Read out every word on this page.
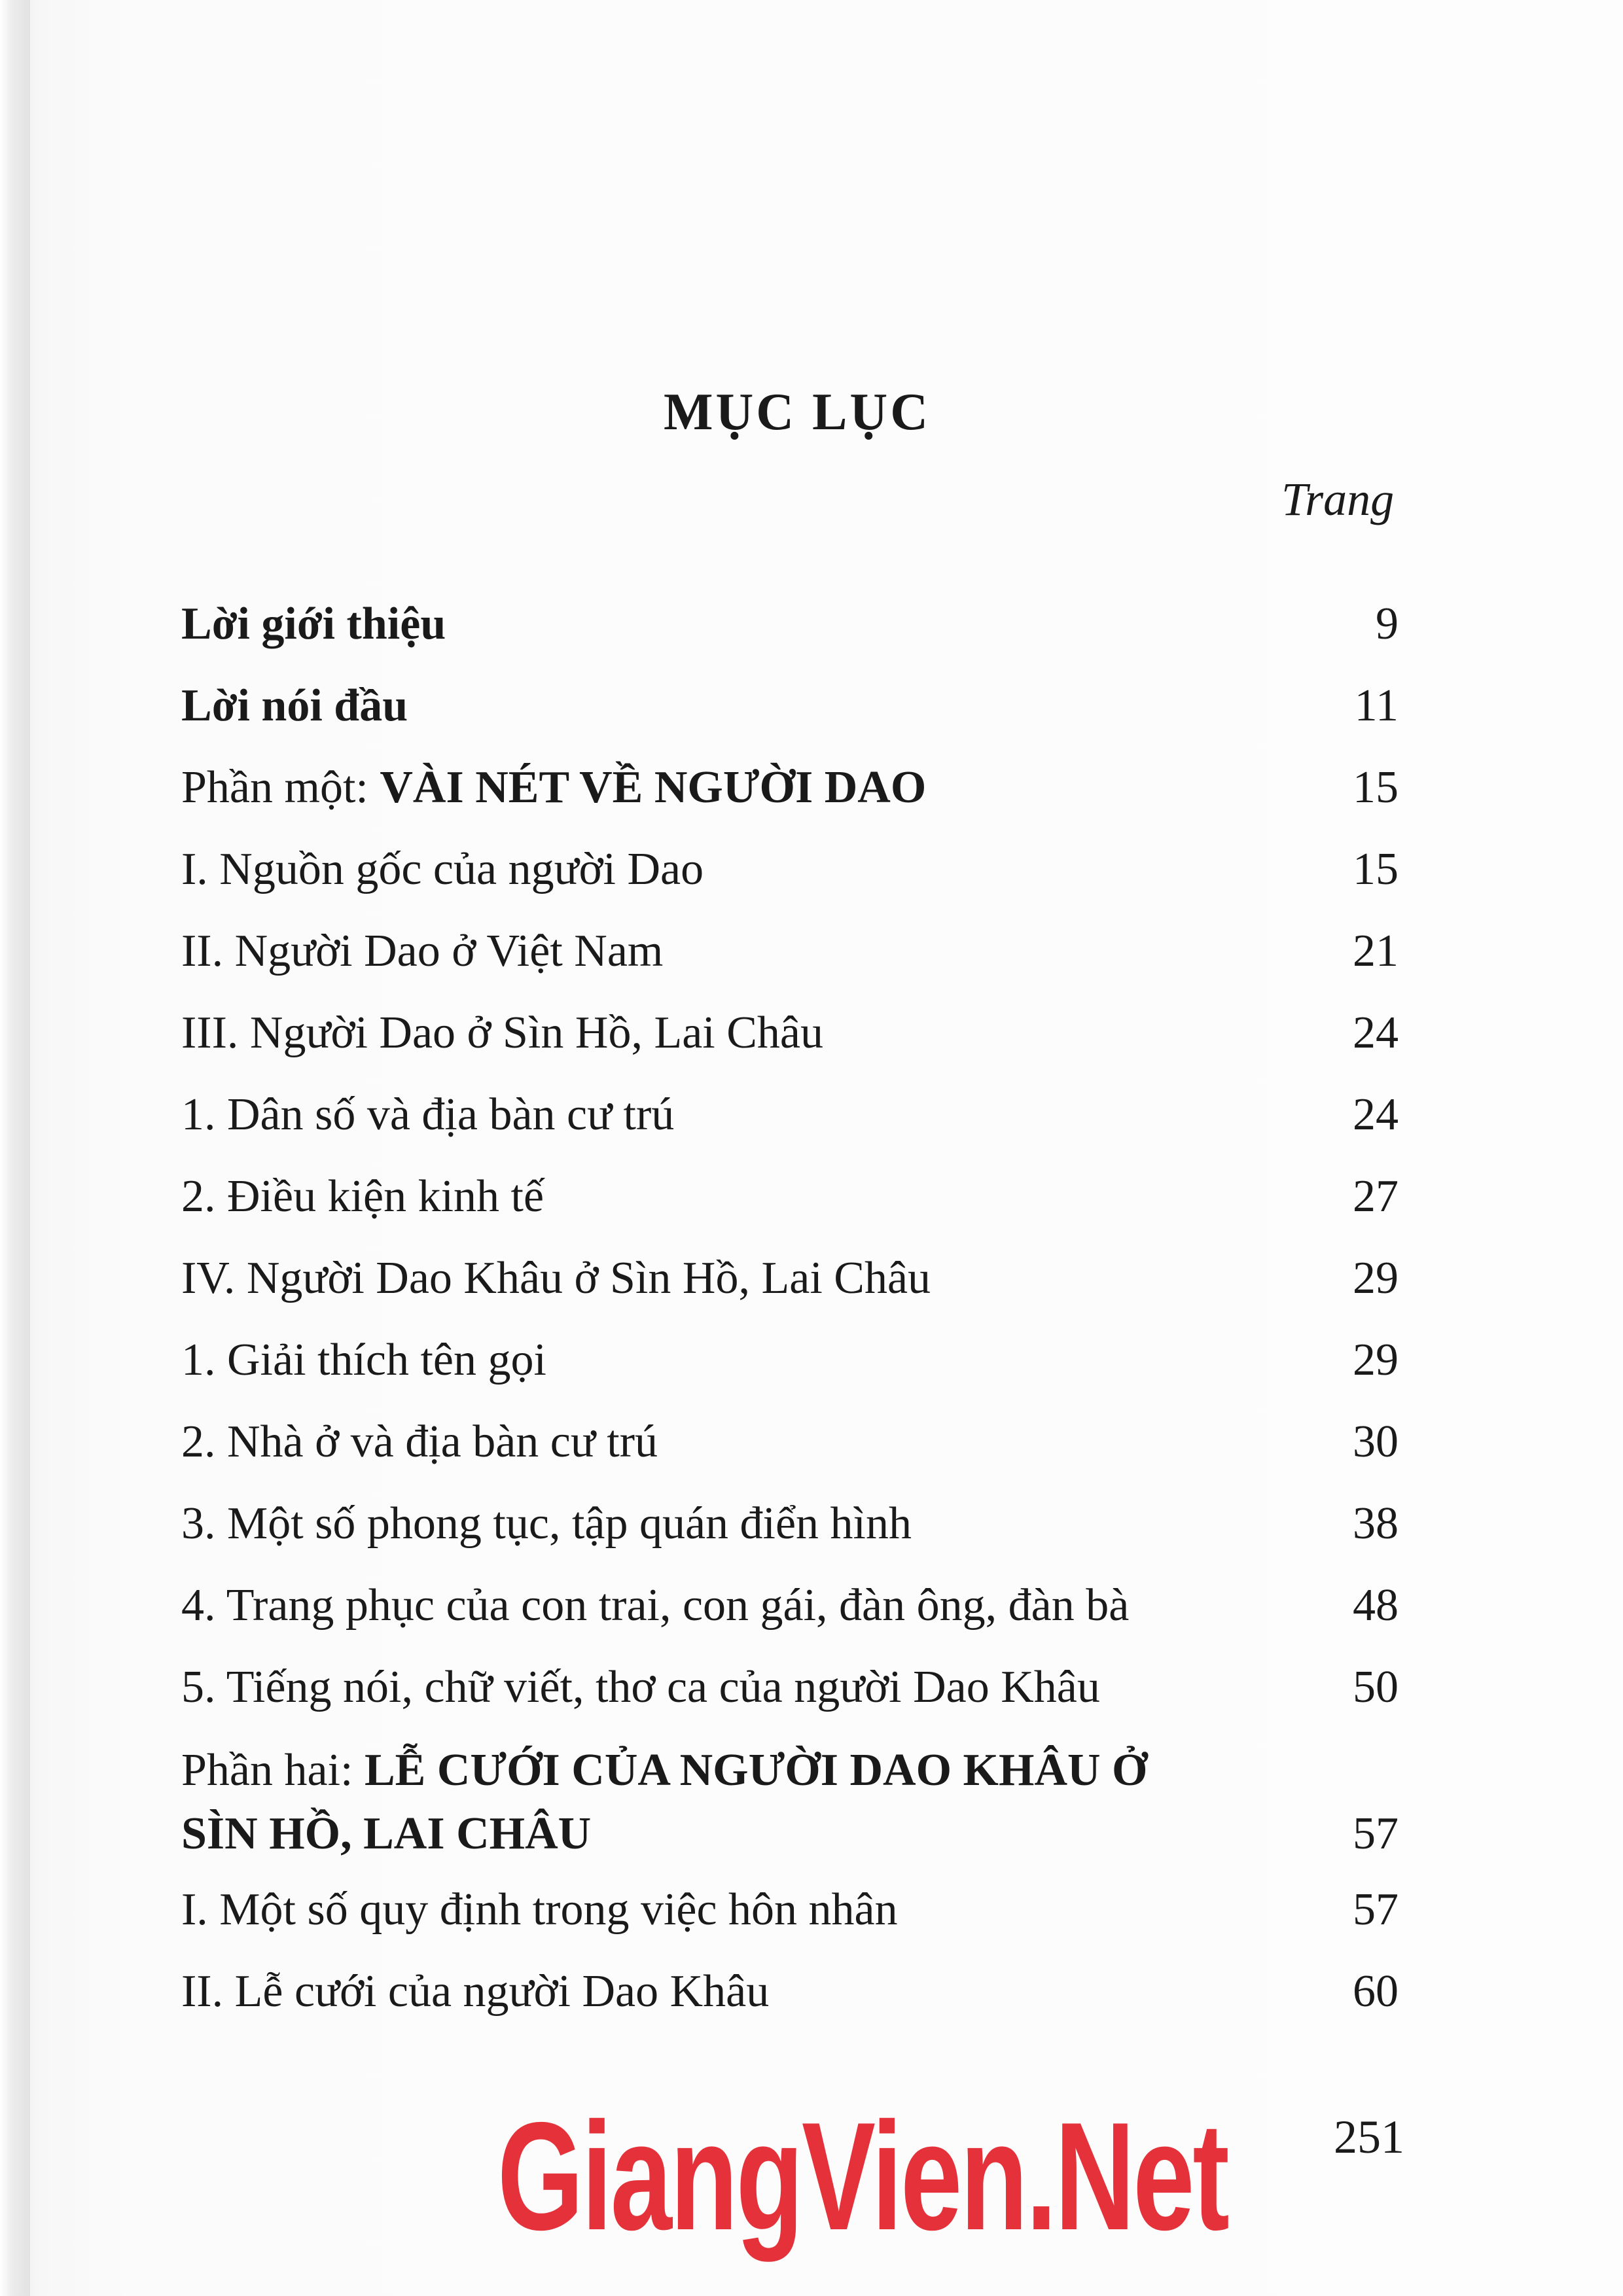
MỤC LỤC
Trang
Lời giới thiệu	9
Lời nói đầu	11
Phần một: VÀI NÉT VỀ NGƯỜI DAO	15
I. Nguồn gốc của người Dao	15
II. Người Dao ở Việt Nam	21
III. Người Dao ở Sìn Hồ, Lai Châu	24
1. Dân số và địa bàn cư trú	24
2. Điều kiện kinh tế	27
IV. Người Dao Khâu ở Sìn Hồ, Lai Châu	29
1. Giải thích tên gọi	29
2. Nhà ở và địa bàn cư trú	30
3. Một số phong tục, tập quán điển hình	38
4. Trang phục của con trai, con gái, đàn ông, đàn bà	48
5. Tiếng nói, chữ viết, thơ ca của người Dao Khâu	50
Phần hai: LỄ CƯỚI CỦA NGƯỜI DAO KHÂU Ở
SÌN HỒ, LAI CHÂU	57
I. Một số quy định trong việc hôn nhân	57
II. Lễ cưới của người Dao Khâu	60
GiangVien.Net 251
